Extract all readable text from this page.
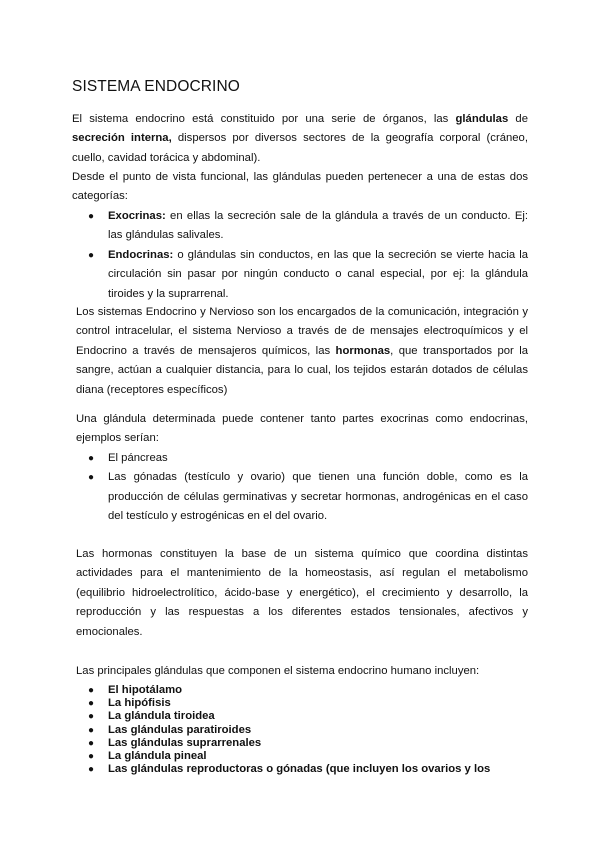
SISTEMA ENDOCRINO

El sistema endocrino está constituido por una serie de órganos, las glándulas de secreción interna, dispersos por diversos sectores de la geografía corporal (cráneo, cuello, cavidad torácica y abdominal).

Desde el punto de vista funcional, las glándulas pueden pertenecer a una de estas dos categorías:

● Exocrinas: en ellas la secreción sale de la glándula a través de un conducto. Ej: las glándulas salivales.
● Endocrinas: o glándulas sin conductos, en las que la secreción se vierte hacia la circulación sin pasar por ningún conducto o canal especial, por ej: la glándula tiroides y la suprarrenal.

Los sistemas Endocrino y Nervioso son los encargados de la comunicación, integración y control intracelular, el sistema Nervioso a través de de mensajes electroquímicos y el Endocrino a través de mensajeros químicos, las hormonas, que transportados por la sangre, actúan a cualquier distancia, para lo cual, los tejidos estarán dotados de células diana (receptores específicos)

Una glándula determinada puede contener tanto partes exocrinas como endocrinas, ejemplos serían:

● El páncreas
● Las gónadas (testículo y ovario) que tienen una función doble, como es la producción de células germinativas y secretar hormonas, androgénicas en el caso del testículo y estrogénicas en el del ovario.

Las hormonas constituyen la base de un sistema químico que coordina distintas actividades para el mantenimiento de la homeostasis, así regulan el metabolismo (equilibrio hidroelectrolítico, ácido-base y energético), el crecimiento y desarrollo, la reproducción y las respuestas a los diferentes estados tensionales, afectivos y emocionales.

Las principales glándulas que componen el sistema endocrino humano incluyen:

● El hipotálamo
● La hipófisis
● La glándula tiroidea
● Las glándulas paratiroides
● Las glándulas suprarrenales
● La glándula pineal
● Las glándulas reproductoras o gónadas (que incluyen los ovarios y los
